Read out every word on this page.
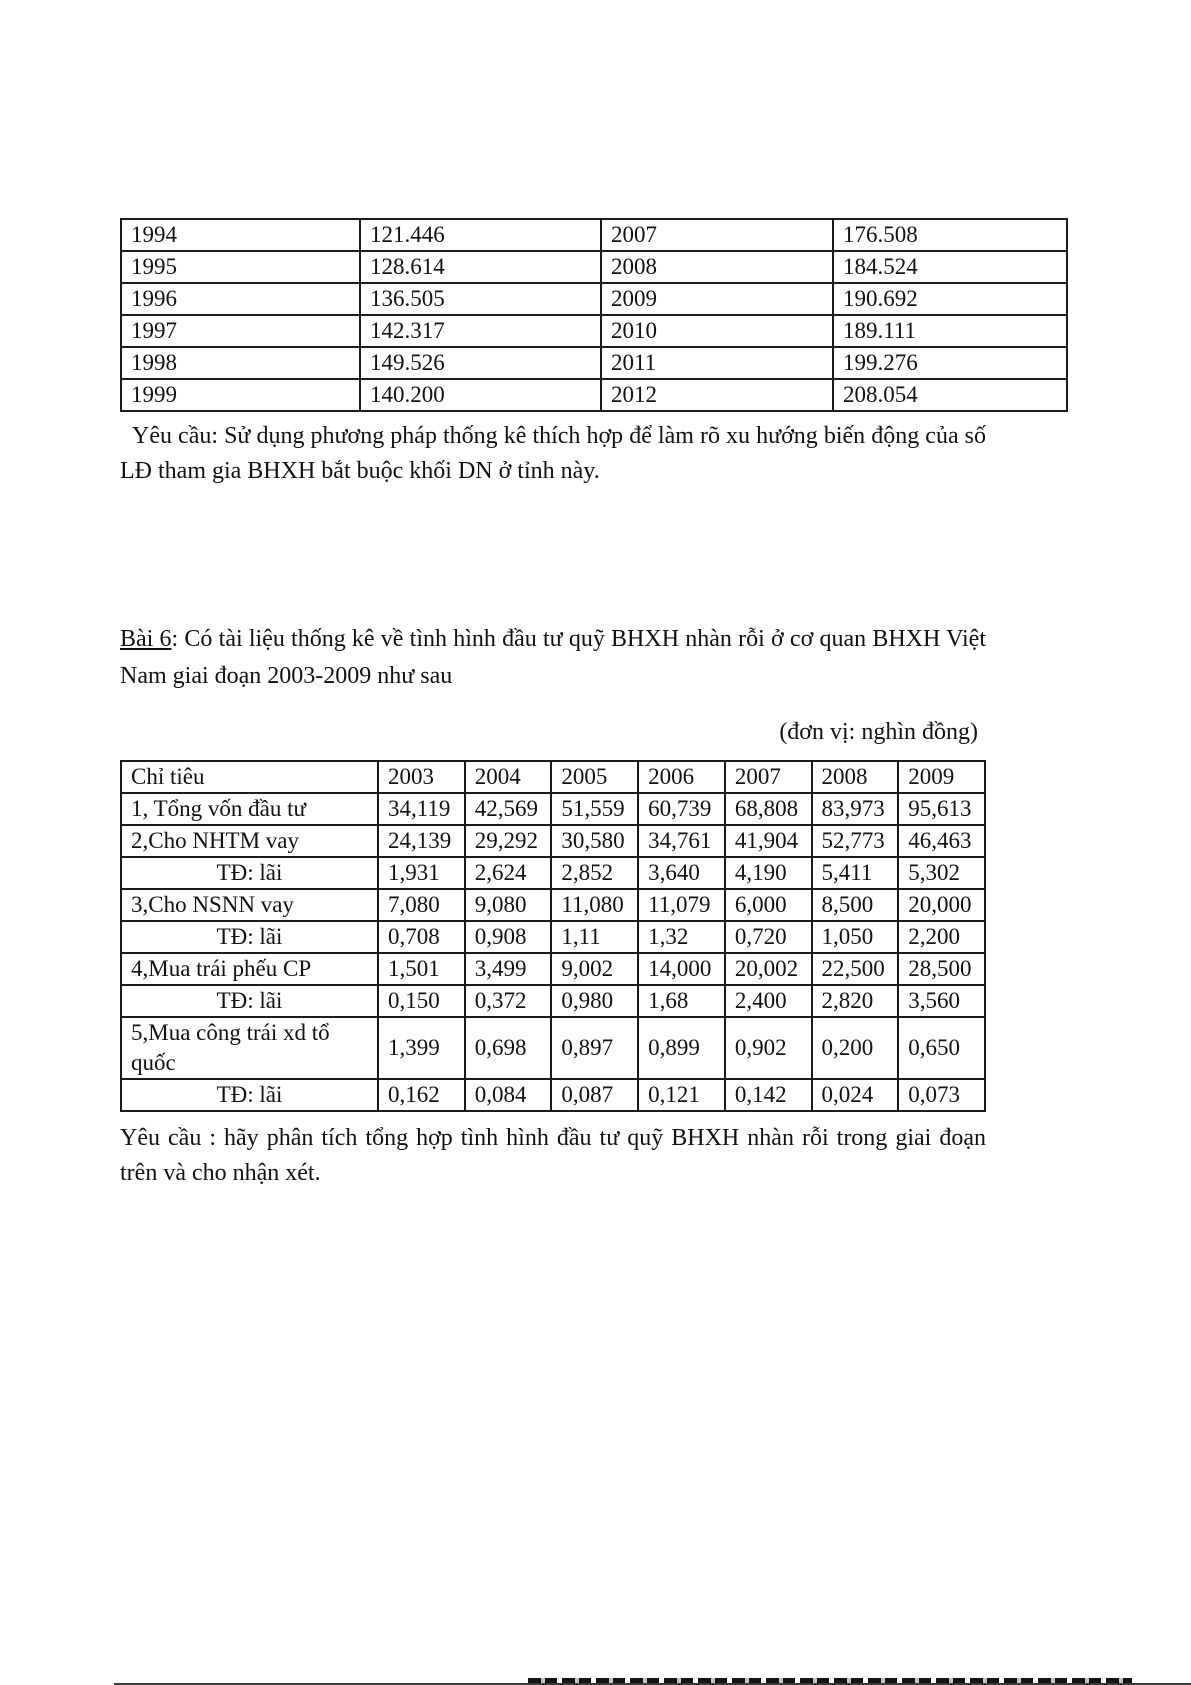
1994	121.446	2007	176.508
1995	128.614	2008	184.524
1996	136.505	2009	190.692
1997	142.317	2010	189.111
1998	149.526	2011	199.276
1999	140.200	2012	208.054

Yêu cầu: Sử dụng phương pháp thống kê thích hợp để làm rõ xu hướng biến động của số LĐ tham gia BHXH bắt buộc khối DN ở tỉnh này.

Bài 6: Có tài liệu thống kê về tình hình đầu tư quỹ BHXH nhàn rỗi ở cơ quan BHXH Việt Nam giai đoạn 2003-2009 như sau

(đơn vị: nghìn đồng)

Chỉ tiêu	2003	2004	2005	2006	2007	2008	2009
1, Tổng vốn đầu tư	34,119	42,569	51,559	60,739	68,808	83,973	95,613
2,Cho NHTM vay	24,139	29,292	30,580	34,761	41,904	52,773	46,463
TĐ: lãi	1,931	2,624	2,852	3,640	4,190	5,411	5,302
3,Cho NSNN vay	7,080	9,080	11,080	11,079	6,000	8,500	20,000
TĐ: lãi	0,708	0,908	1,11	1,32	0,720	1,050	2,200
4,Mua trái phếu CP	1,501	3,499	9,002	14,000	20,002	22,500	28,500
TĐ: lãi	0,150	0,372	0,980	1,68	2,400	2,820	3,560
5,Mua công trái xd tổ quốc	1,399	0,698	0,897	0,899	0,902	0,200	0,650
TĐ: lãi	0,162	0,084	0,087	0,121	0,142	0,024	0,073

Yêu cầu : hãy phân tích tổng hợp tình hình đầu tư quỹ BHXH nhàn rỗi trong giai đoạn trên và cho nhận xét.
